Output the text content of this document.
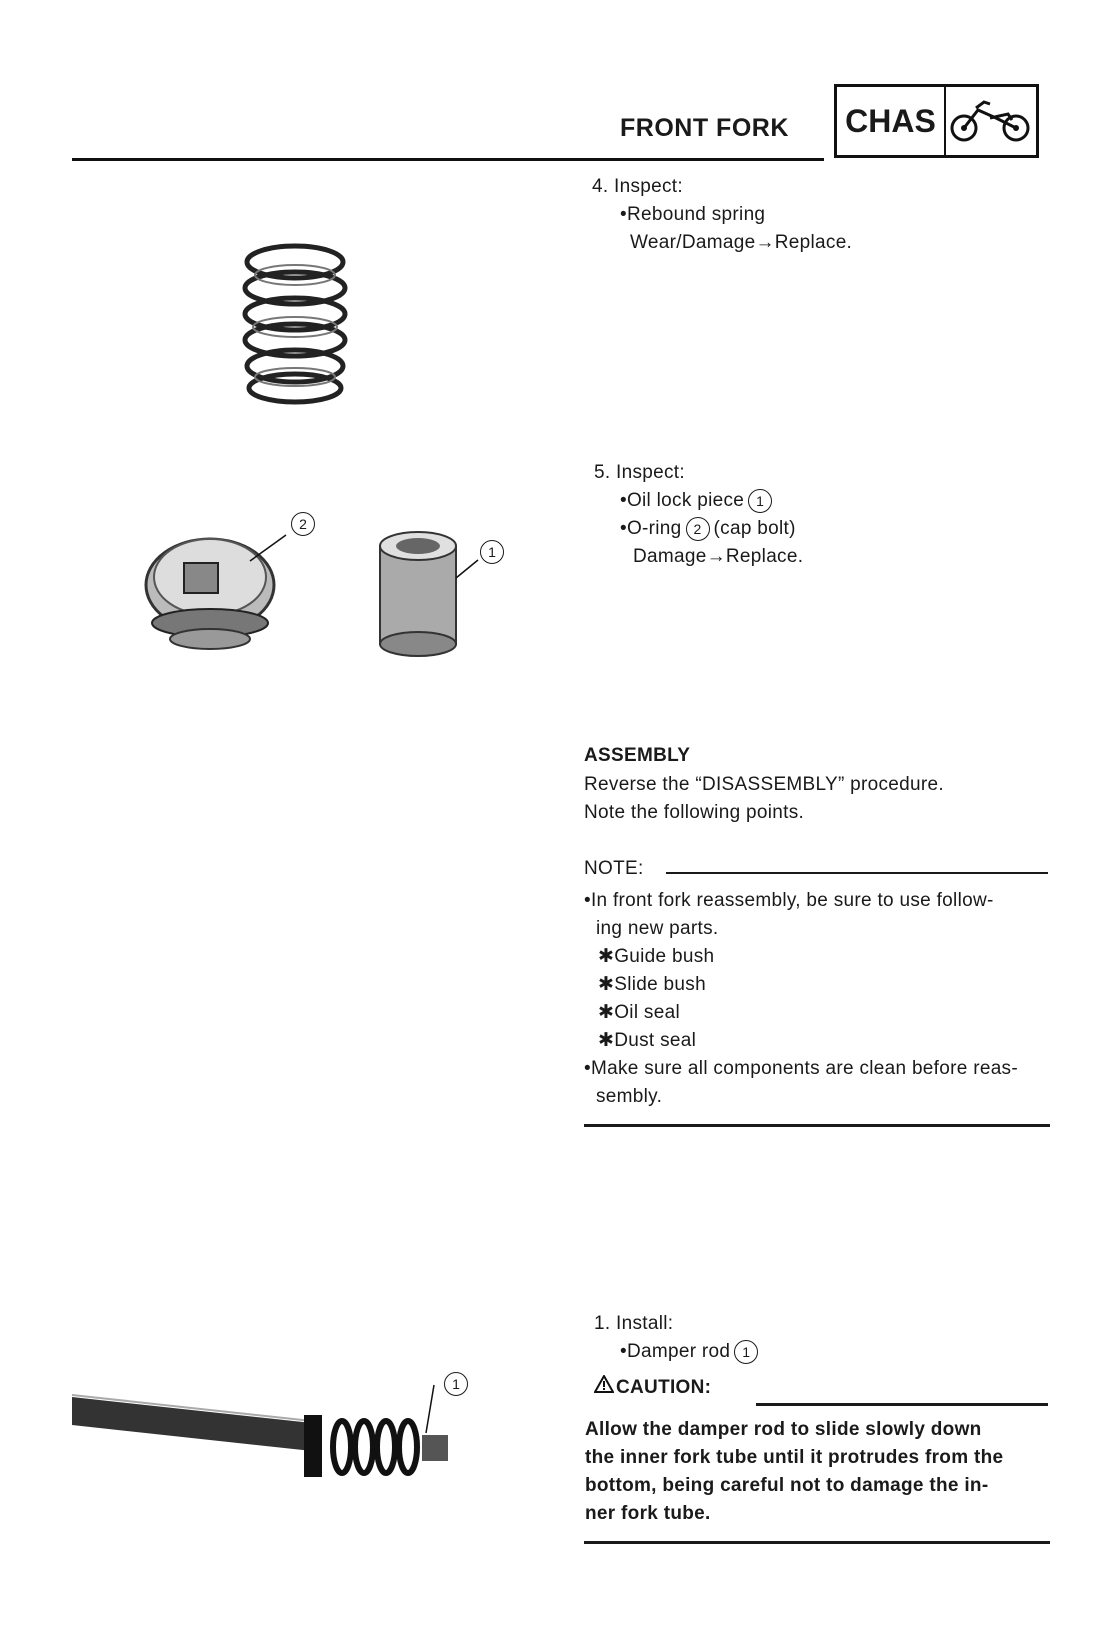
FRONT FORK CHAS
2
1
1
4. Inspect:
•Rebound spring
Wear/Damage→Replace.
5. Inspect:
•Oil lock piece 1
•O-ring 2 (cap bolt)
Damage→Replace.
ASSEMBLY
Reverse the “DISASSEMBLY” procedure.
Note the following points.
NOTE:
•In front fork reassembly, be sure to use follow-
ing new parts.
✱Guide bush
✱Slide bush
✱Oil seal
✱Dust seal
•Make sure all components are clean before reas-
sembly.
1. Install:
•Damper rod 1
CAUTION:
Allow the damper rod to slide slowly down
the inner fork tube until it protrudes from the
bottom, being careful not to damage the in-
ner fork tube.
